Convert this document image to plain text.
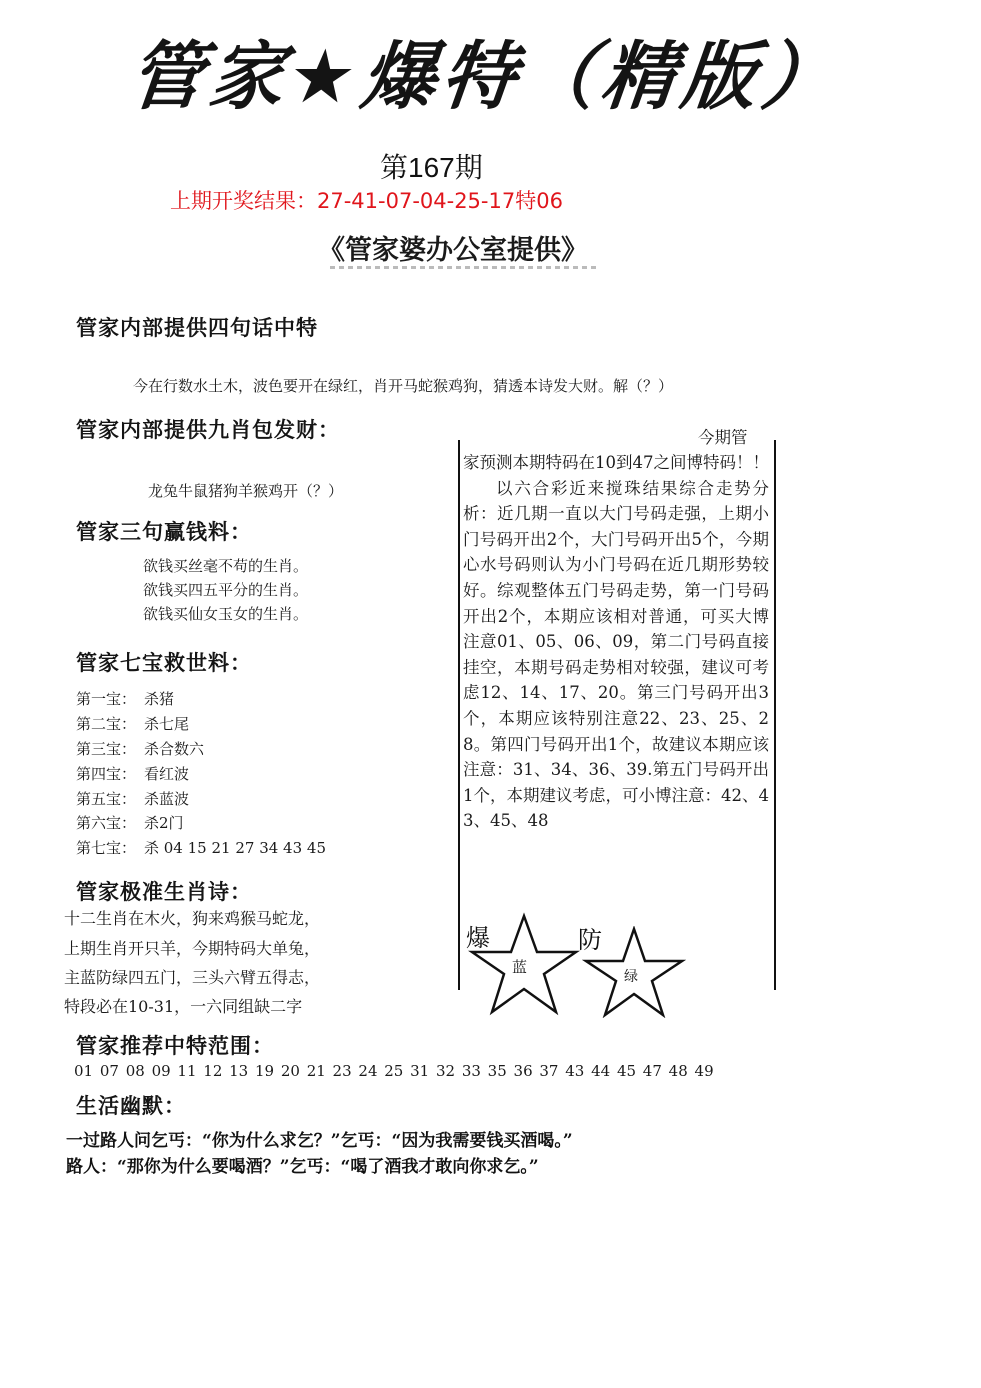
管家★爆特（精版）
第167期
上期开奖结果：27-41-07-04-25-17特06
《管家婆办公室提供》
管家内部提供四句话中特
今在行数水土木，波色要开在绿红，肖开马蛇猴鸡狗，猜透本诗发大财。解（？）
管家内部提供九肖包发财：
龙兔牛鼠猪狗羊猴鸡开（？）
管家三句赢钱料：
欲钱买丝毫不苟的生肖。
欲钱买四五平分的生肖。
欲钱买仙女玉女的生肖。
管家七宝救世料：
第一宝： 杀猪
第二宝： 杀七尾
第三宝： 杀合数六
第四宝： 看红波
第五宝： 杀蓝波
第六宝： 杀2门
第七宝： 杀 04 15 21 27 34 43 45
管家极准生肖诗：
十二生肖在木火，狗来鸡猴马蛇龙，
上期生肖开只羊，今期特码大单兔，
主蓝防绿四五门，三头六臂五得志，
特段必在10-31，一六同组缺二字
今期管

家预测本期特码在10到47之间博特码！！

以六合彩近来搅珠结果综合走势分析：近几期一直以大门号码走强，上期小门号码开出2个，大门号码开出5个，今期心水号码则认为小门号码在近几期形势较好。综观整体五门号码走势，第一门号码开出2个，本期应该相对普通，可买大博注意01、05、06、09，第二门号码直接挂空，本期号码走势相对较强，建议可考虑12、14、17、20。第三门号码开出3个，本期应该特别注意22、23、25、28。第四门号码开出1个，故建议本期应该注意：31、34、36、39.第五门号码开出1个，本期建议考虑，可小博注意：42、43、45、48

爆
蓝
防
绿
管家推荐中特范围：
01 07 08 09 11 12 13 19 20 21 23 24 25 31 32 33 35 36 37 43 44 45 47 48 49
生活幽默：
一过路人问乞丐：“你为什么求乞？”乞丐：“因为我需要钱买酒喝。”
路人：“那你为什么要喝酒？”乞丐：“喝了酒我才敢向你求乞。”
